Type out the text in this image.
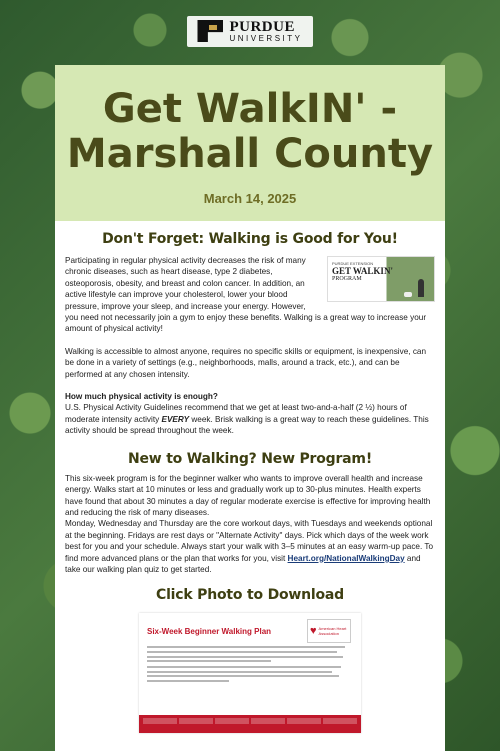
PURDUE
UNIVERSITY
Get WalkIN' -
Marshall County
March 14, 2025
Don't Forget: Walking is Good for You!
PURDUE EXTENSION
GET WALKIN'
PROGRAM

Participating in regular physical activity decreases the risk of many chronic diseases, such as heart disease, type 2 diabetes, osteoporosis, obesity, and breast and colon cancer. In addition, an active lifestyle can improve your cholesterol, lower your blood pressure, improve your sleep, and increase your energy. However, you need not necessarily join a gym to enjoy these benefits. Walking is a great way to increase your amount of physical activity!

Walking is accessible to almost anyone, requires no specific skills or equipment, is inexpensive, can be done in a variety of settings (e.g., neighborhoods, malls, around a track, etc.), and can be performed at any chosen intensity.

How much physical activity is enough?

U.S. Physical Activity Guidelines recommend that we get at least two-and-a-half (2 ½) hours of moderate intensity activity EVERY week. Brisk walking is a great way to reach these guidelines. This activity should be spread throughout the week.

New to Walking? New Program!

This six-week program is for the beginner walker who wants to improve overall health and increase energy. Walks start at 10 minutes or less and gradually work up to 30-plus minutes. Health experts have found that about 30 minutes a day of regular moderate exercise is effective for improving health and reducing the risk of many diseases.

Monday, Wednesday and Thursday are the core workout days, with Tuesdays and weekends optional at the beginning. Fridays are rest days or "Alternate Activity" days. Pick which days of the week work best for you and your schedule. Always start your walk with 3–5 minutes at an easy warm-up pace. To find more advanced plans or the plan that works for you, visit Heart.org/NationalWalkingDay and take our walking plan quiz to get started.

Click Photo to Download
♥ American Heart Association
Six-Week Beginner Walking Plan
